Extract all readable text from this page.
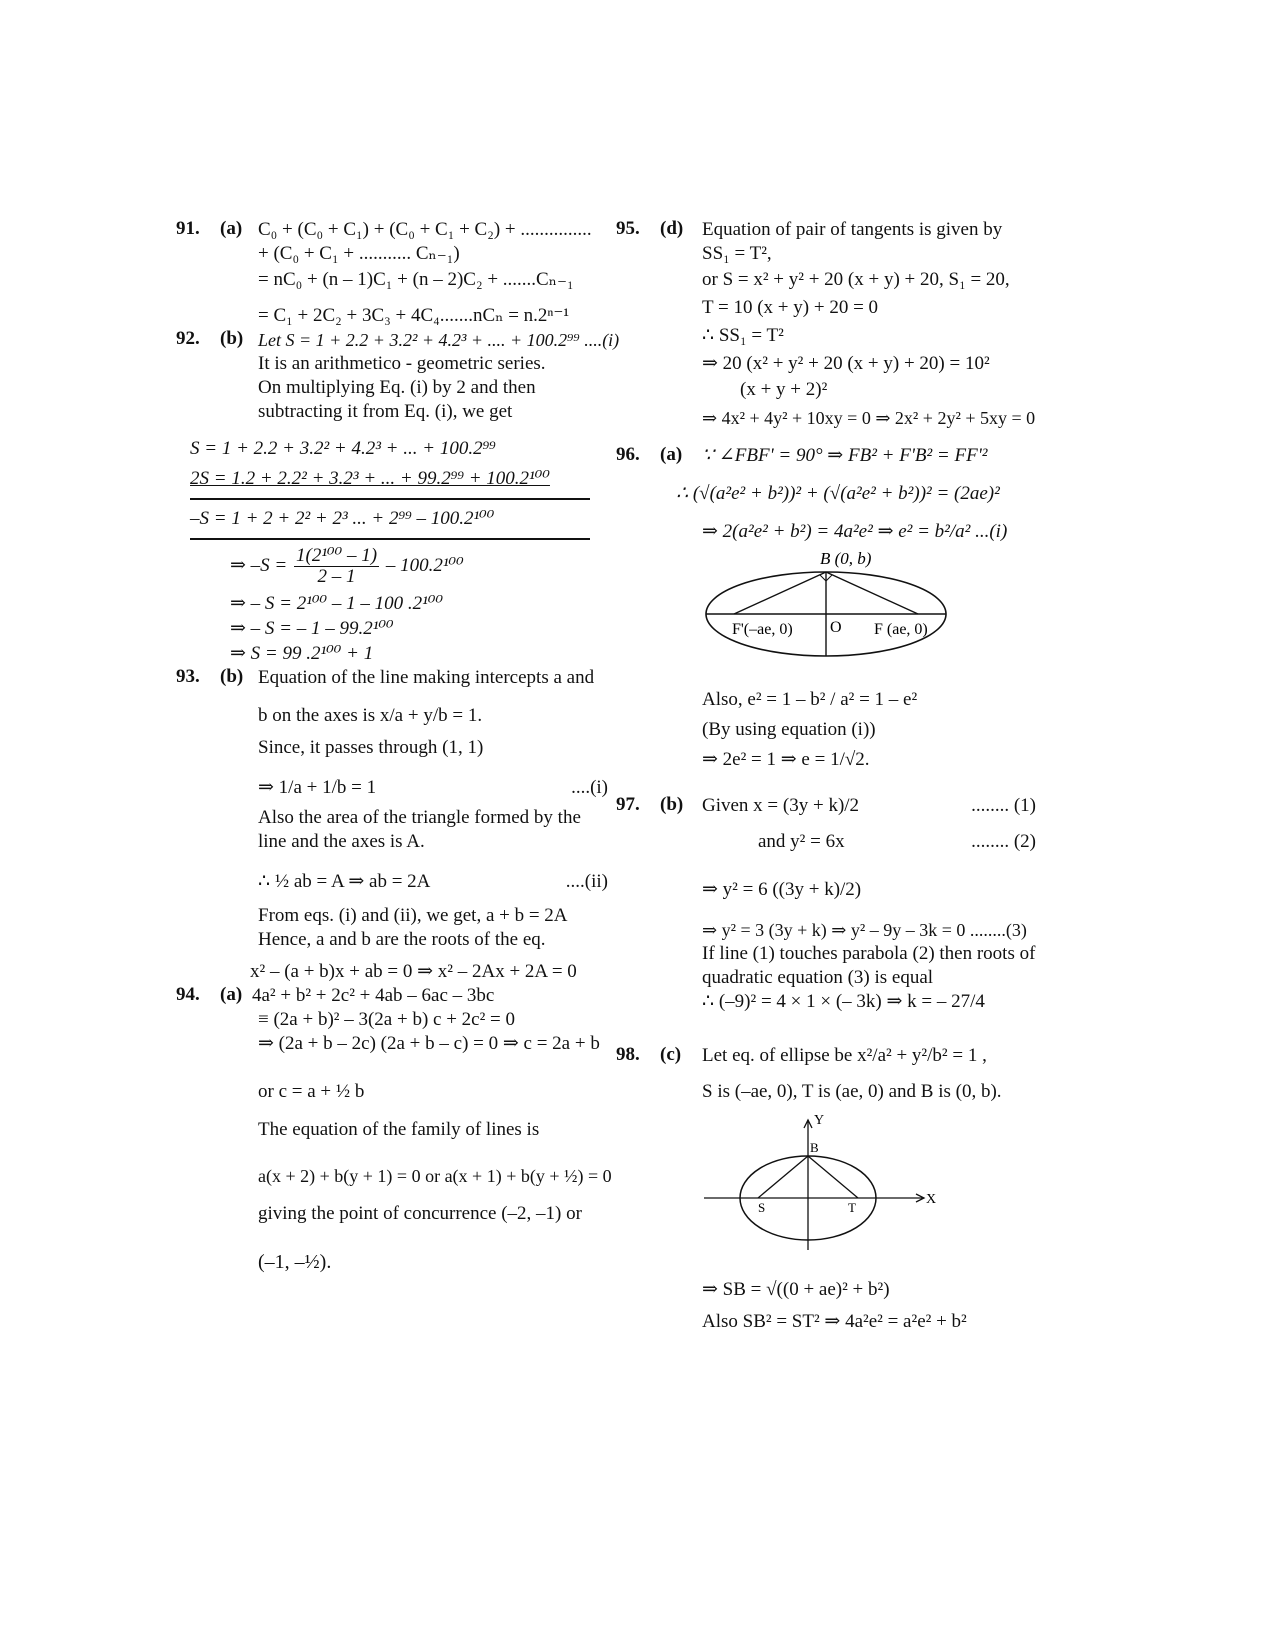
91. (a) C₀ + (C₀ + C₁) + (C₀ + C₁ + C₂) + ...............
+ (C₀ + C₁ + ........... Cₙ₋₁)
= nC₀ + (n – 1)C₁ + (n – 2)C₂ + .......Cₙ₋₁
= C₁ + 2C₂ + 3C₃ + 4C₄.......nCₙ = n.2ⁿ⁻¹
92. (b) Let S = 1 + 2.2 + 3.2² + 4.2³ + .... + 100.2⁹⁹ ....(i)
It is an arithmetico - geometric series.
On multiplying Eq. (i) by 2 and then
subtracting it from Eq. (i), we get
S = 1 + 2.2 + 3.2² + 4.2³ + ... + 100.2⁹⁹
2S = 1.2 + 2.2² + 3.2³ + ... + 99.2⁹⁹ + 100.2¹⁰⁰
–S = 1 + 2 + 2² + 2³ ... + 2⁹⁹ – 100.2¹⁰⁰
⇒ $-S = \frac{\text{1(2¹⁰⁰ – 1)}}{2 - 1} - 100.2^{100}$
⇒ – S = 2¹⁰⁰ – 1 – 100 .2¹⁰⁰
⇒ – S = – 1 – 99.2¹⁰⁰
⇒ S = 99 .2¹⁰⁰ + 1
93. (b) Equation of the line making intercepts a and
b on the axes is x/a + y/b = 1.
Since, it passes through (1, 1)
⇒ 1/a + 1/b = 1	....(i)
Also the area of the triangle formed by the
line and the axes is A.
∴ ½ ab = A ⇒ ab = 2A	....(ii)
From eqs. (i) and (ii), we get, a + b = 2A
Hence, a and b are the roots of the eq.
x² – (a + b)x + ab = 0 ⇒ x² – 2Ax + 2A = 0
94. (a) 4a² + b² + 2c² + 4ab – 6ac – 3bc
≡ (2a + b)² – 3(2a + b) c + 2c² = 0
⇒ (2a + b – 2c) (2a + b – c) = 0 ⇒ c = 2a + b
or c = a + ½ b
The equation of the family of lines is
a(x + 2) + b(y + 1) = 0 or a(x + 1) + b(y + ½) = 0
giving the point of concurrence (–2, –1) or
(–1, –½).
95. (d) Equation of pair of tangents is given by
SS₁ = T²,
or S = x² + y² + 20 (x + y) + 20, S₁ = 20,
T = 10 (x + y) + 20 = 0
∴ SS₁ = T²
⇒ 20 (x² + y² + 20 (x + y) + 20) = 10²
(x + y + 2)²
⇒ 4x² + 4y² + 10xy = 0 ⇒ 2x² + 2y² + 5xy = 0
96. (a) ∵ ∠FBF' = 90° ⇒ FB² + F'B² = FF'²
∴ (√(a²e² + b²))² + (√(a²e² + b²))² = (2ae)²
⇒ 2(a²e² + b²) = 4a²e² ⇒ e² = b²/a² ...(i)
B (0, b)
F'(–ae, 0) O F (ae, 0)
Also, e² = 1 – b² / a² = 1 – e²
(By using equation (i))
⇒ 2e² = 1 ⇒ e = 1/√2.
97. (b) Given x = (3y + k)/2	........ (1)
and y² = 6x	........ (2)
⇒ y² = 6 ((3y + k)/2)
⇒ y² = 3 (3y + k) ⇒ y² – 9y – 3k = 0 ........(3)
If line (1) touches parabola (2) then roots of
quadratic equation (3) is equal
∴ (–9)² = 4 × 1 × (– 3k) ⇒ k = – 27/4
98. (c) Let eq. of ellipse be x²/a² + y²/b² = 1 ,
S is (–ae, 0), T is (ae, 0) and B is (0, b).
Y
X
B
S	T
⇒ SB = √((0 + ae)² + b²)
Also SB² = ST² ⇒ 4a²e² = a²e² + b²
